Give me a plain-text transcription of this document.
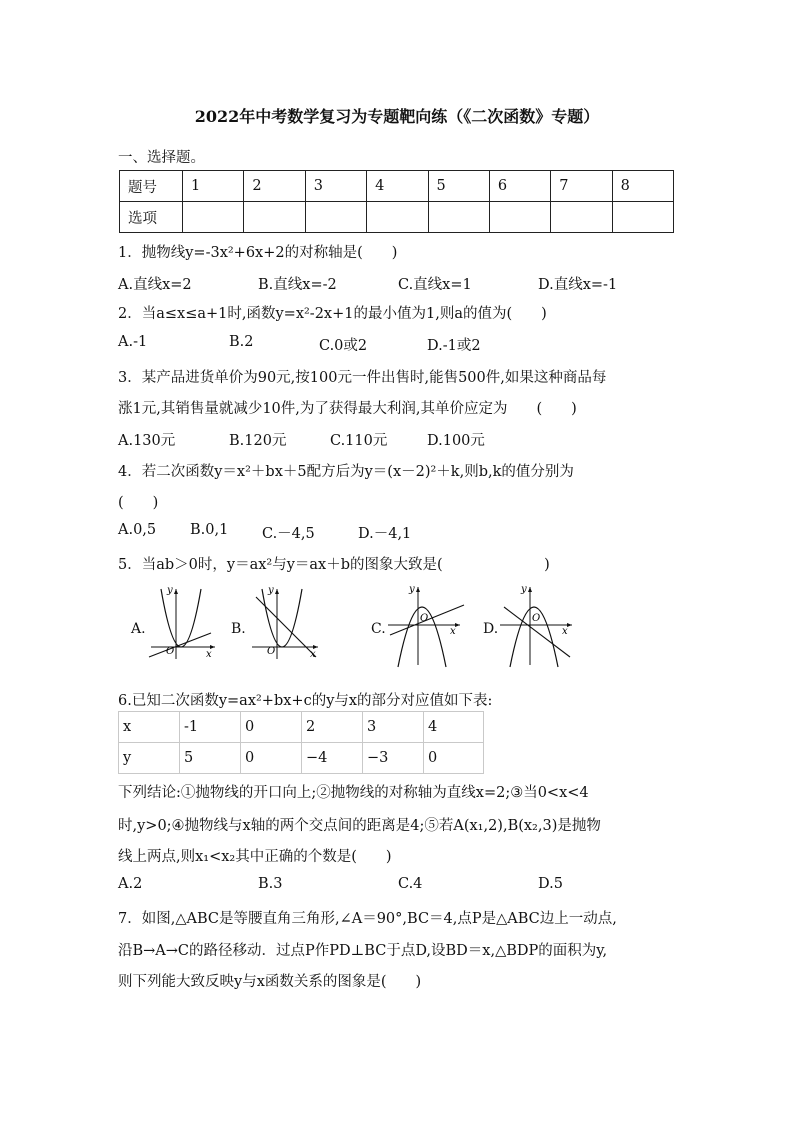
2022年中考数学复习为专题靶向练（《二次函数》专题）
一、选择题。
题号	1	2	3	4	5	6	7	8
选项								
1．抛物线y=-3x²+6x+2的对称轴是(　　)
A.直线x=2	B.直线x=-2	C.直线x=1	D.直线x=-1
2．当a≤x≤a+1时,函数y=x²-2x+1的最小值为1,则a的值为(　　)
A.-1	B.2	C.0或2	D.-1或2
3．某产品进货单价为90元,按100元一件出售时,能售500件,如果这种商品每
涨1元,其销售量就减少10件,为了获得最大利润,其单价应定为　　(　　)
A.130元	B.120元	C.110元	D.100元
4．若二次函数y＝x²＋bx＋5配方后为y＝(x－2)²＋k,则b,k的值分别为
(　　)
A.0,5 B.0,1 C.－4,5	D.－4,1
5．当ab＞0时，y＝ax²与y＝ax＋b的图象大致是(　　　　　　　)
A.
y
x
O
B.
y
x
O
C.
y
x
O
D.
y
x
O
6.已知二次函数y=ax²+bx+c的y与x的部分对应值如下表:
x	-1	0	2	3	4
y	5	0	−4	−3	0
下列结论:①抛物线的开口向上;②抛物线的对称轴为直线x=2;③当0<x<4
时,y>0;④抛物线与x轴的两个交点间的距离是4;⑤若A(x₁,2),B(x₂,3)是抛物
线上两点,则x₁<x₂其中正确的个数是(　　)
A.2	B.3	C.4	D.5
7．如图,△ABC是等腰直角三角形,∠A＝90°,BC＝4,点P是△ABC边上一动点,
沿B→A→C的路径移动．过点P作PD⊥BC于点D,设BD＝x,△BDP的面积为y,
则下列能大致反映y与x函数关系的图象是(　　)
